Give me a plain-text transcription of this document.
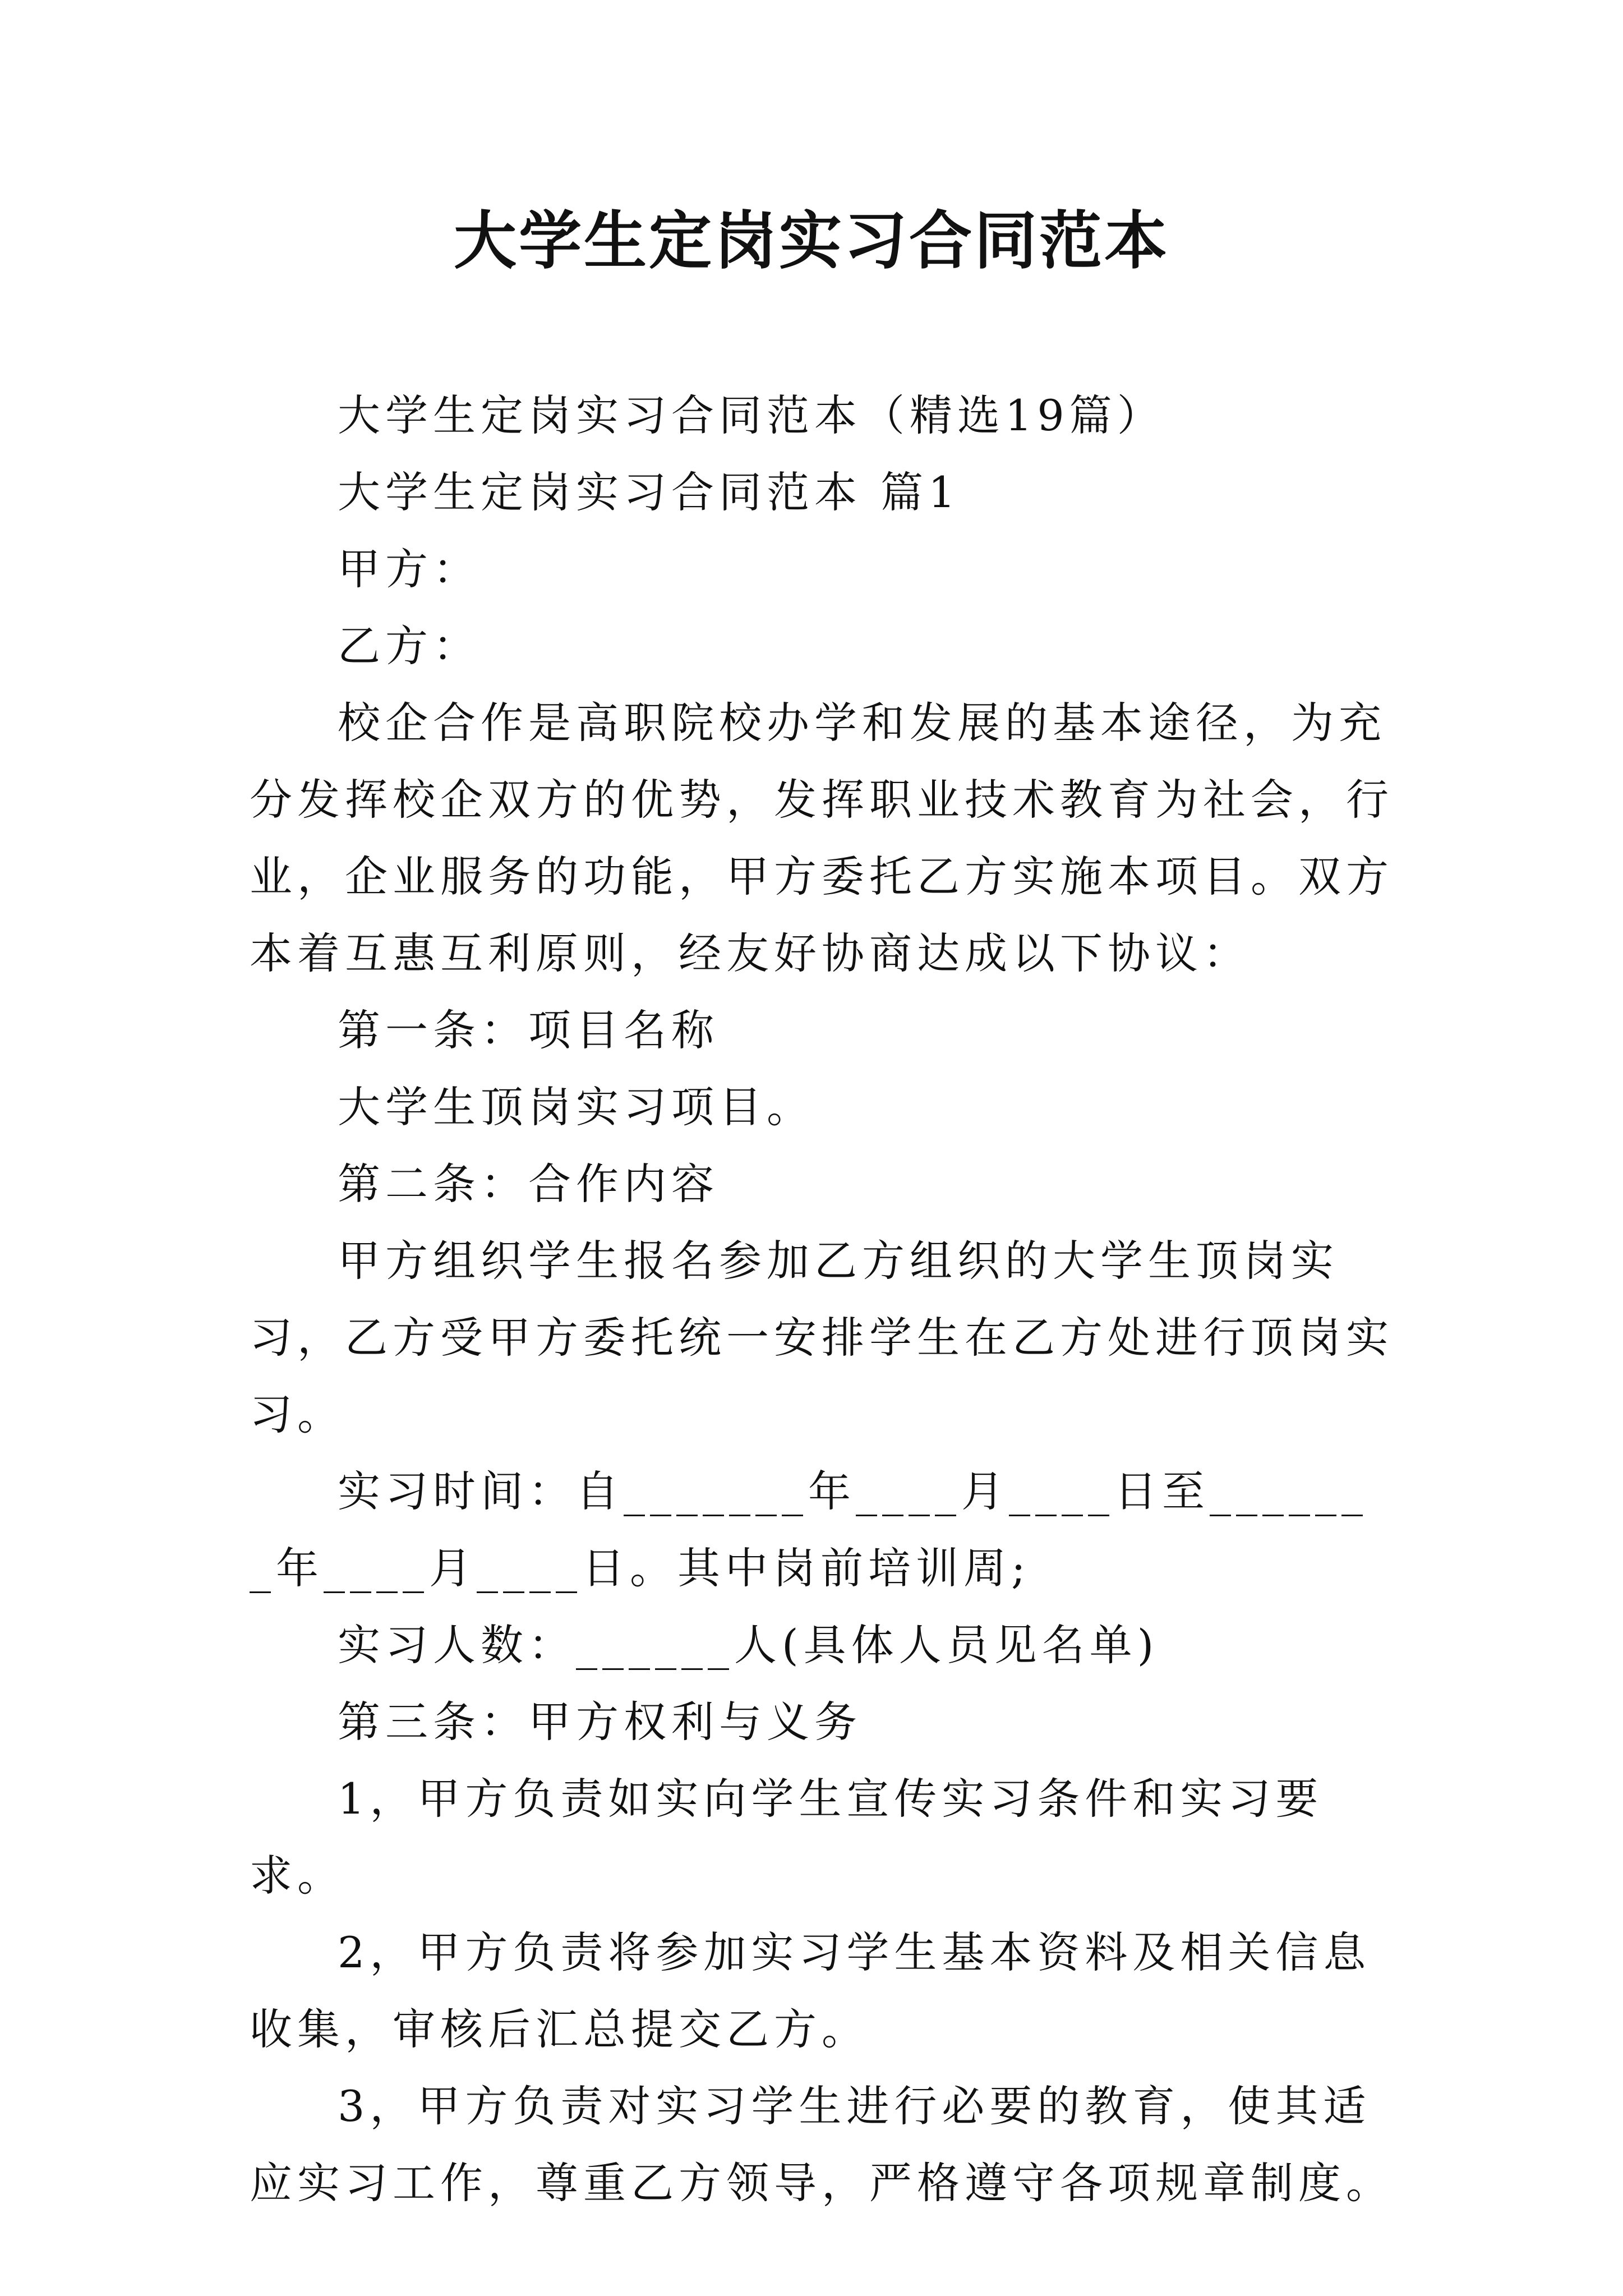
大学生定岗实习合同范本

大学生定岗实习合同范本（精选19篇）

大学生定岗实习合同范本 篇1

甲方：

乙方：

校企合作是高职院校办学和发展的基本途径，为充分发挥校企双方的优势，发挥职业技术教育为社会，行业，企业服务的功能，甲方委托乙方实施本项目。双方本着互惠互利原则，经友好协商达成以下协议：

第一条：项目名称

大学生顶岗实习项目。

第二条：合作内容

甲方组织学生报名参加乙方组织的大学生顶岗实习，乙方受甲方委托统一安排学生在乙方处进行顶岗实习。

实习时间：自_______年____月____日至_______年____月____日。其中岗前培训周;

实习人数：______人(具体人员见名单)

第三条：甲方权利与义务

1，甲方负责如实向学生宣传实习条件和实习要求。

2，甲方负责将参加实习学生基本资料及相关信息收集，审核后汇总提交乙方。

3，甲方负责对实习学生进行必要的教育，使其适应实习工作，尊重乙方领导，严格遵守各项规章制度。
